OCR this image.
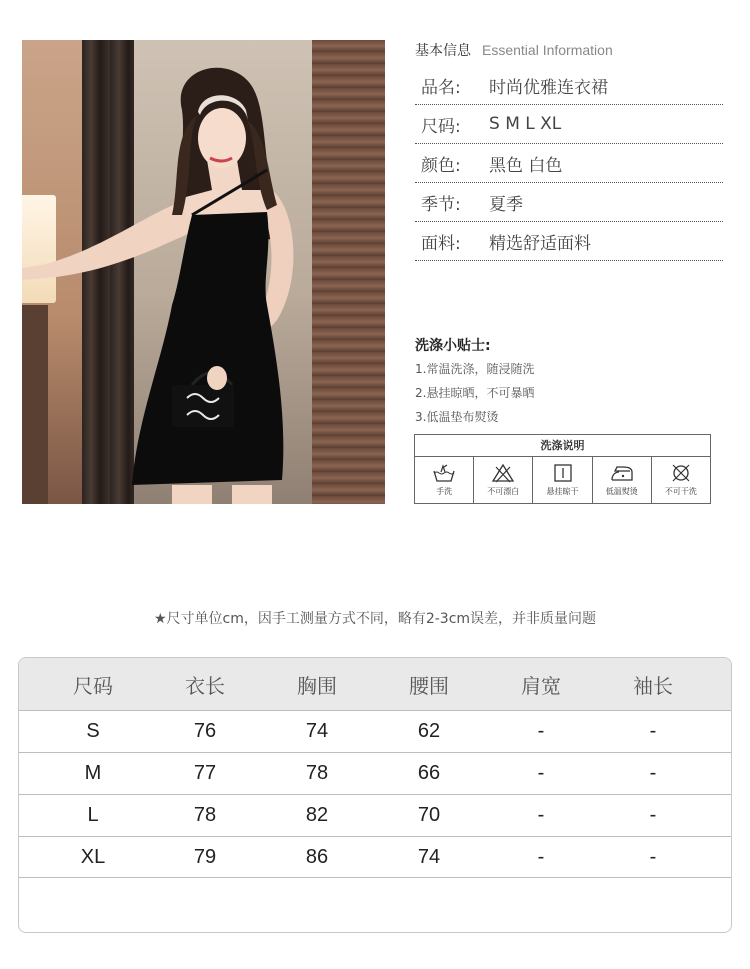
基本信息 Essential Information
品名:	时尚优雅连衣裙
尺码:	S M L XL
颜色:	黑色 白色
季节:	夏季
面料:	精选舒适面料
洗涤小贴士:
1.常温洗涤，随浸随洗
2.悬挂晾晒，不可暴晒
3.低温垫布熨烫
洗涤说明
手洗	不可漂白	悬挂晾干	低温熨烫	不可干洗
★尺寸单位cm，因手工测量方式不同，略有2-3cm误差，并非质量问题
尺码	衣长	胸围	腰围	肩宽	袖长
S	76	74	62	-	-
M	77	78	66	-	-
L	78	82	70	-	-
XL	79	86	74	-	-
